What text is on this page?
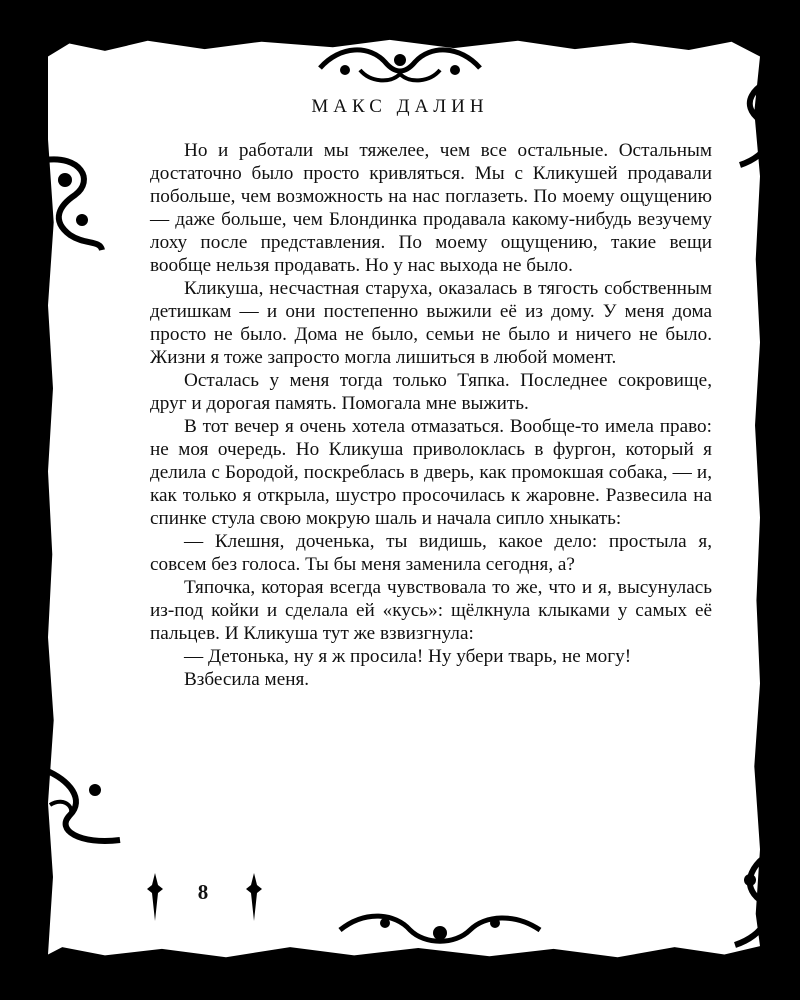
МАКС ДАЛИН

Но и работали мы тяжелее, чем все остальные. Остальным достаточно было просто кривляться. Мы с Кликушей продавали побольше, чем возможность на нас поглазеть. По моему ощущению — даже больше, чем Блондинка продавала какому-нибудь везучему лоху после представления. По моему ощущению, такие вещи вообще нельзя продавать. Но у нас выхода не было.

Кликуша, несчастная старуха, оказалась в тягость собственным детишкам — и они постепенно выжили её из дому. У меня дома просто не было. Дома не было, семьи не было и ничего не было. Жизни я тоже запросто могла лишиться в любой момент.

Осталась у меня тогда только Тяпка. Последнее сокровище, друг и дорогая память. Помогала мне выжить.

В тот вечер я очень хотела отмазаться. Вообще-то имела право: не моя очередь. Но Кликуша приволоклась в фургон, который я делила с Бородой, поскреблась в дверь, как промокшая собака, — и, как только я открыла, шустро просочилась к жаровне. Развесила на спинке стула свою мокрую шаль и начала сипло хныкать:

— Клешня, доченька, ты видишь, какое дело: простыла я, совсем без голоса. Ты бы меня заменила сегодня, а?

Тяпочка, которая всегда чувствовала то же, что и я, высунулась из-под койки и сделала ей «кусь»: щёлкнула клыками у самых её пальцев. И Кликуша тут же взвизгнула:

— Детонька, ну я ж просила! Ну убери тварь, не могу!

Взбесила меня.

8
